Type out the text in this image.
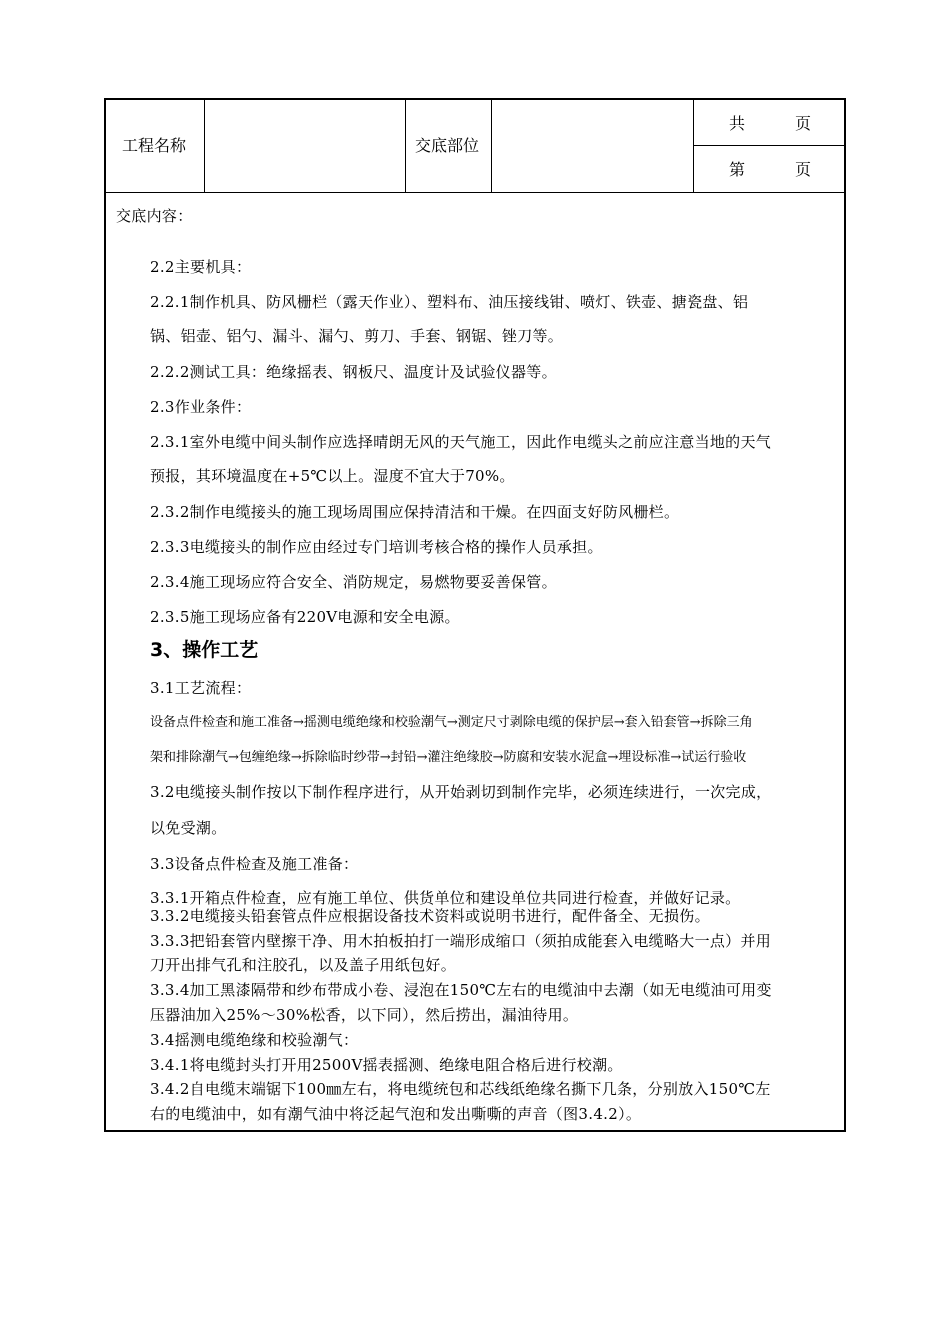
工程名称	交底部位
共	页
第	页
交底内容：
2.2主要机具：
2.2.1制作机具、防风栅栏（露天作业）、塑料布、油压接线钳、喷灯、铁壶、搪瓷盘、铝
锅、铝壶、铝勺、漏斗、漏勺、剪刀、手套、钢锯、锉刀等。
2.2.2测试工具：绝缘摇表、钢板尺、温度计及试验仪器等。
2.3作业条件：
2.3.1室外电缆中间头制作应选择晴朗无风的天气施工，因此作电缆头之前应注意当地的天气
预报，其环境温度在+5℃以上。湿度不宜大于70%。
2.3.2制作电缆接头的施工现场周围应保持清洁和干燥。在四面支好防风栅栏。
2.3.3电缆接头的制作应由经过专门培训考核合格的操作人员承担。
2.3.4施工现场应符合安全、消防规定，易燃物要妥善保管。
2.3.5施工现场应备有220V电源和安全电源。
3、操作工艺
3.1工艺流程：
设备点件检查和施工准备→摇测电缆绝缘和校验潮气→测定尺寸剥除电缆的保护层→套入铅套管→拆除三角
架和排除潮气→包缠绝缘→拆除临时纱带→封铅→灌注绝缘胶→防腐和安装水泥盒→埋设标准→试运行验收
3.2电缆接头制作按以下制作程序进行，从开始剥切到制作完毕，必须连续进行，一次完成，
以免受潮。
3.3设备点件检查及施工准备：
3.3.1开箱点件检查，应有施工单位、供货单位和建设单位共同进行检查，并做好记录。
3.3.2电缆接头铅套管点件应根据设备技术资料或说明书进行，配件备全、无损伤。
3.3.3把铅套管内壁擦干净、用木拍板拍打一端形成缩口（须拍成能套入电缆略大一点）并用
刀开出排气孔和注胶孔，以及盖子用纸包好。
3.3.4加工黑漆隔带和纱布带成小卷、浸泡在150℃左右的电缆油中去潮（如无电缆油可用变
压器油加入25%～30%松香，以下同），然后捞出，漏油待用。
3.4摇测电缆绝缘和校验潮气：
3.4.1将电缆封头打开用2500V摇表摇测、绝缘电阻合格后进行校潮。
3.4.2自电缆末端锯下100㎜左右，将电缆统包和芯线纸绝缘名撕下几条，分别放入150℃左
右的电缆油中，如有潮气油中将泛起气泡和发出嘶嘶的声音（图3.4.2）。
